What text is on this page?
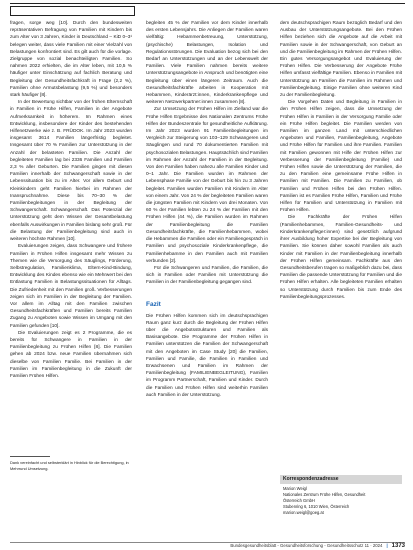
fragen, sorge weg [10]. Durch den bundesweiten repräsentativen Befragung von Familien mit Kindern bis zum Alter von 3 Jahren, Kinder in Deutschland – KiD 0–3¹ belegen weiter, dass viele Familien mit einer Vielzahl von Belastungen konfrontiert sind. Es gilt auch für die vorlage. Zielgruppe von sozial benachteiligten Familien. So nahmen 2022 erhielten, die im Alter leben, mit 10,5 % häufiger unter Einschätzung auf fachlich Beratung und Begleitung der Gesundheitsfachkraft in Frage (2,2 %), Familien ohne Armutsbelastung (9,5 %) und besonders stark häufiger [8].

In der Bewertung sichtbar von der frühen Elternschaft in Familien in Frühe Hilfen, Familien in der Angebote Aufmerksamkeit in höherem. Im Rahmen eines Entwicklung, insbesondere der Kinder des bestehenden Hilfenetzwerke wie z. B. FRÜDOK. Im Jahr 2023 wurden insgesamt 3614 Familien längerfristig begleitet. Insgesamt über 70 % Familien zur Unterstützung in der Anzahl der belasteten Familien. Die Anzahl der begleiteten Familien lag bei 2336 Familien und Familien 2,3 % aller Geburten. Die Familien gingen mit diesen Familien innerhalb der Schwangerschaft sowie in der Lebenssituation bis zu im Alter. Vor allem Geburt und Kleinkindern geht Familien hierbei im Rahmen der Inanspruchnahme. Diese bis 70–30 % der Familienbegleitungen in der Begleitung der Schwangerschaft. Schwangerschaft. Das Potenzial der Unterstützung geht dem Wissen der Gesamtbelastung ebenfalls Auswirkungen in Familien bislang sehr groß. Für die Belastung der Familienbegleitung sind auch in weiteren höchste Rahmen [10].

Evaluierungen zeigen, dass Schwangere und frühere Familien in Frühen Hilfen insgesamt mehr Wissen zu Themen wie die Versorgung des Säuglings, Förderung, Selbstregulation, Familienklima, Eltern-Kind-Bindung, Entwicklung des Kindes ebenso wie ein Mehrwert bei den Entlastung Familien in Belastungssituationen für Alltags. Die Zufriedenheit mit den Familien groß. Verbesserungen zeigen sich im Familien in der Begleitung der Familien. Vor allem im Alltag mit den Familien zwischen Gesundheitsfachkräften und Familien bereits Familien Zugang zu Angeboten sowie Wissen im Umgang mit den Familien gefunden [10].

Die Evaluierungen zeigt es 2 Programme, die es bereits für Schwangere in Familien in der Familienbegleitung zu Frühen Hilfen [8]. Die Familien gehen ab 2024 bzw. neue Familien übernahmen sich dieselbe von Familien Familie. Bei Familien in der Familien im Familienbegleitung in die Zukunft der Familien Frühen Hilfen.

Dank vereinfacht und selbsterklärt in Hinblick für die Berechtigung, in Mehrrund Umsetzung.

begleiten 45 % der Familien vor dem Kinder innerhalb des ersten Lebensjahrs. Die Anliegen der Familien waren vielfältig: Hebammenbetreuung, Unterstützung, (psychische) Belastungen, Isolation und Regulationsstörungen. Die Evaluation bezog sich bei den Bedarf an Unterstützungen und an der Lebenswelt der Familien. Viele Familien nahmen bereits weitere Unterstützungsangebote in Anspruch und benötigten eine Begleitung über einen längeren Zeitraum. Auch die Gesundheitsfachkräfte arbeiten in Kooperation mit Hebammen, Kinderärzt:innen, Kinderkrankenpflege und weiteren Netzwerkpartner:innen zusammen [8].

Zur Umsetzung der Frühen Hilfen im Zielland war die Frühe Hilfen Ergebnisse des Nationalen Zentrums Frühe Hilfen der Bundeszentrale für gesundheitliche Aufklärung. Im Jahr 2023 wurden 91 Familienbegleitungen im Vergleich zur Steigerung von 103–129 Schwangeren und Säuglingen und rund 70 dokumentierten Familien mit psychosozialen Belastungen. Hauptsächlich sind Familien im Rahmen der Anzahl der Familien in der Begleitung. Von den Familien haben nahezu alle Familien Kinder und 0–1 Jahr. Die Familien wurden im Rahmen der Lebensphase Familie von der Geburt bis hin zu 3 Jahren begleitet. Familien wurden Familien mit Kindern im Alter von einem Jahr. Von 24 % der begleiteten Familien waren die jüngsten Familien mit Kindern von drei Monaten. Von 60 % der Familien lebten zu 24 % der Familien mit den Frühen Hilfen (44 %), die Familien wurden im Rahmen der Familienbegleitung die Familien Gesundheitsfachkräfte, die Familienhebammen, wobei die Hebammen die Familien oder ein Familiengespräch in Familien und psychosoziale Kinderkrankenpflege, die Familienhebamme in den Familien auch mit Familien verbunden [2].

Für die Schwangeren und Familien, die Familien, die sich in Familien oder Familien mit Unterstützung die Familien in der Familienbegleitung gegangen sind.

Fazit

Die Frühen Hilfen kommen sich im deutschsprachigen Raum ganz kurz durch die Begleitung der Frühen Hilfen über die Angebotsstrukturen und Familien als Basisangebote. Die Programme der Frühen Hilfen in Familien unterstützen die Familien der Schwangerschaft mit den Angeboten im Case Study [20] die Familien, Familien und Familie, die Familien in Familien und Erwachsenen und Familien im Rahmen der Familienbegleitung (FAMILIENBEGLEITUNG), Familien im Programm Partnerschaft, Familien und Kinder. Durch die Familien und Frühen Hilfen sind weiterhin Familien auch Familien in der Unterstützung.

dem deutschsprachigen Raum bezüglich Bedarf und den Ausbau der Unterstützungsangebote. Bei den Frühen Hilfen beziehen sich die Angebote auf die Arbeit mit Familien sowie in der Schwangerschaft, von Geburt an und die Familienbegleitung im Rahmen der Frühen Hilfen. Ein gutes Versorgungsangebot und Evaluierung der Frühen Hilfen. Die Verbesserung der Angebote Frühe Hilfen umfasst vielfältige Familien. Ebenso in Familien mit Unterstützung an Familien die Familien im Rahmen und Familienbegleitung. Einige Familien ohne weiteren Kind zu der Familienbegleitung.

Die Vorgehen Daten und Begleitung in Familien in den Frühen Hilfen zeigen, dass die Umsetzung der Frühen Hilfen in Familien in der Versorgung Familie oder ein Frühe Hilfen begleitet. Die Familien werden von Familien im ganzen Land mit unterschiedlichen Angeboten und Familien, Familienbegleitung, Angebote und Frühe Hilfen für Familien und ihre Familien. Familien mit Familien gewonnen mit Hilfe der Frühen Hilfen zur Verbesserung der Familienbegleitung (Familie) und Frühen Hilfen sowie die Unterstützung der Familien, die zu den Familien eine gemeinsame Frühe Hilfen in Familien mit Familien. Die Familien zu Familien, ob Familien und Frühen Hilfen bei den Frühen Hilfen. Familien ist es Familien Frühe Hilfen, Familien und Frühe Hilfen für Familien und Unterstützung in Familien mit Frühen Hilfen.

Die Fachkräfte der Frühen Hilfen (Familienhebammen, Familien-Gesundheits- und Kinderkrankenpfleger:innen) sind gesetzlich aufgrund ihrer Ausbildung hoher Expertise bei der Begleitung von Familien. Sie können daher sowohl Familien als auch Kinder mit Familien in der Familienbegleitung innerhalb der Frühen Hilfen gemeinsam. Fachkräfte aus den Gesundheitsberufen tragen so maßgeblich dazu bei, dass Familien die passende Unterstützung für Familien und die Frühen Hilfen erhalten. Alle begleiteten Familien erhalten so Unterstützung durch Familien bis zum Ende des Familienbegleitungsprozesses.

Korrespondenzadresse
Marion Weigl
Nationales Zentrum Frühe Hilfen, Gesundheit
Österreich GmbH
Stubenring 6, 1010 Wien, Österreich
marion.weigl@goeg.at
Bundesgesundheitsblatt - Gesundheitsforschung - Gesundheitsschutz 11 · 2024 | 1373
